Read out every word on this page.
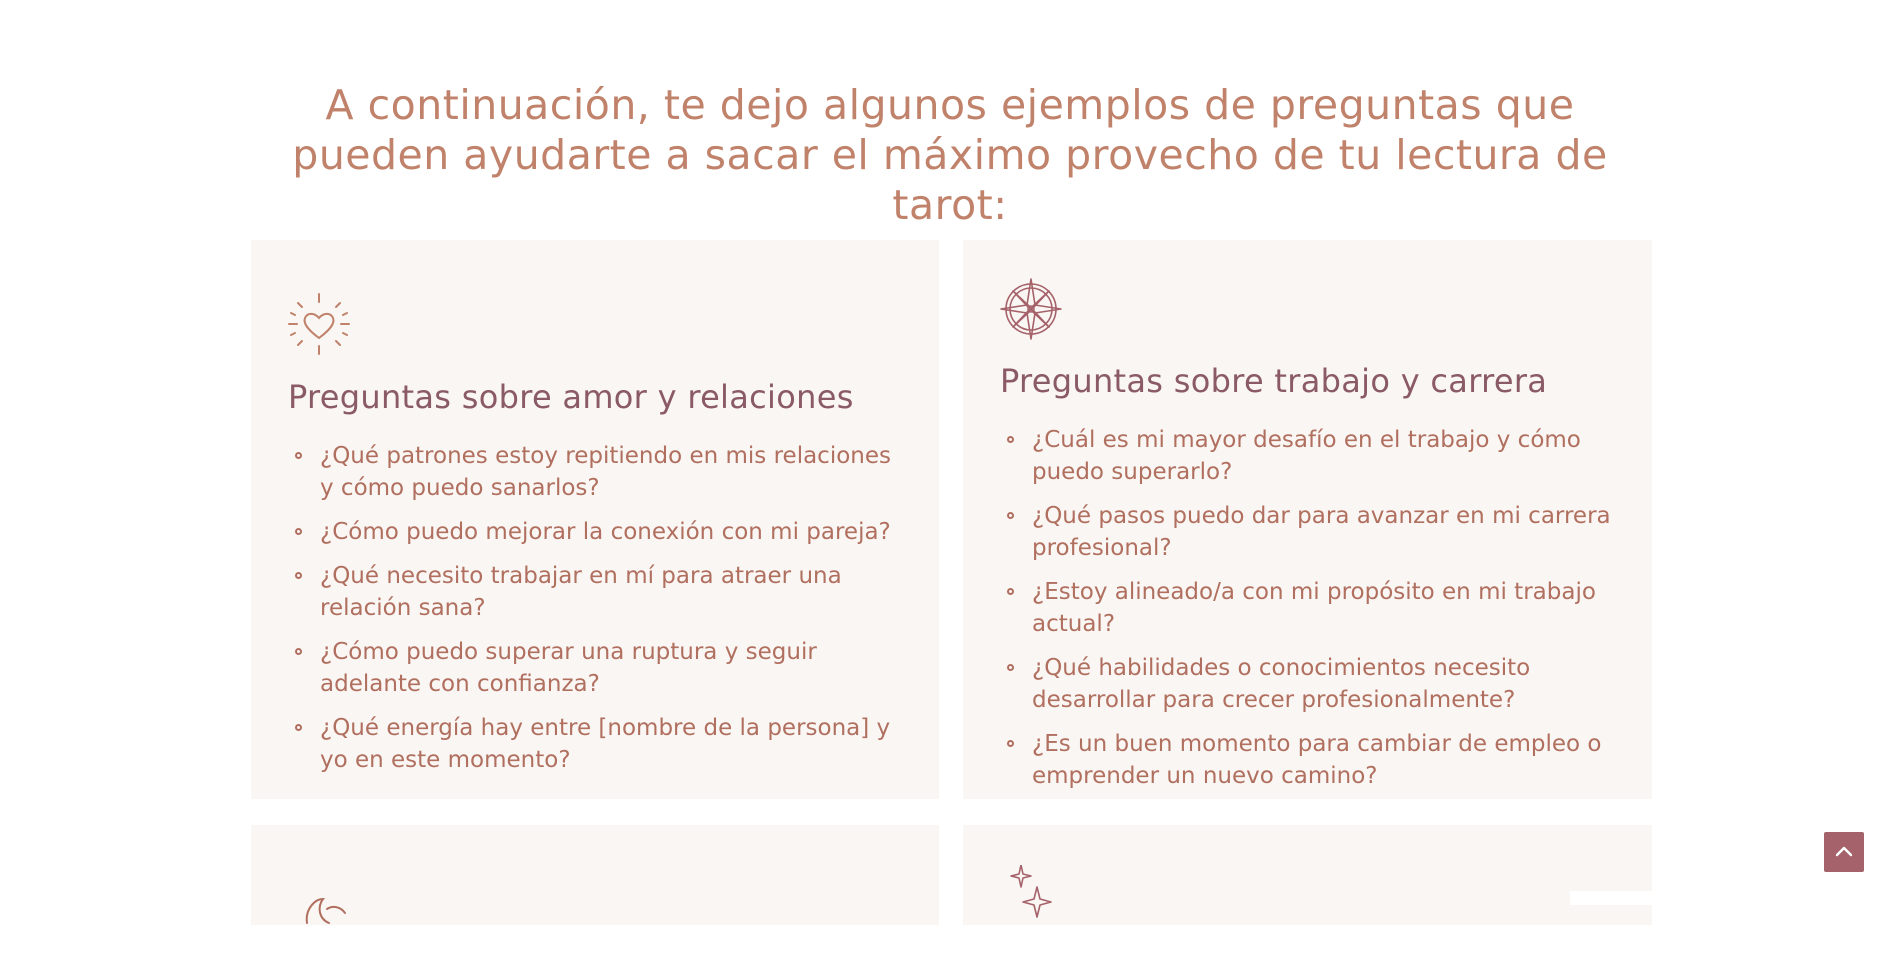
A continuación, te dejo algunos ejemplos de preguntas que pueden ayudarte a sacar el máximo provecho de tu lectura de tarot:
Preguntas sobre amor y relaciones
¿Qué patrones estoy repitiendo en mis relaciones y cómo puedo sanarlos?
¿Cómo puedo mejorar la conexión con mi pareja?
¿Qué necesito trabajar en mí para atraer una relación sana?
¿Cómo puedo superar una ruptura y seguir adelante con confianza?
¿Qué energía hay entre [nombre de la persona] y yo en este momento?
Preguntas sobre trabajo y carrera
¿Cuál es mi mayor desafío en el trabajo y cómo puedo superarlo?
¿Qué pasos puedo dar para avanzar en mi carrera profesional?
¿Estoy alineado/a con mi propósito en mi trabajo actual?
¿Qué habilidades o conocimientos necesito desarrollar para crecer profesionalmente?
¿Es un buen momento para cambiar de empleo o emprender un nuevo camino?
